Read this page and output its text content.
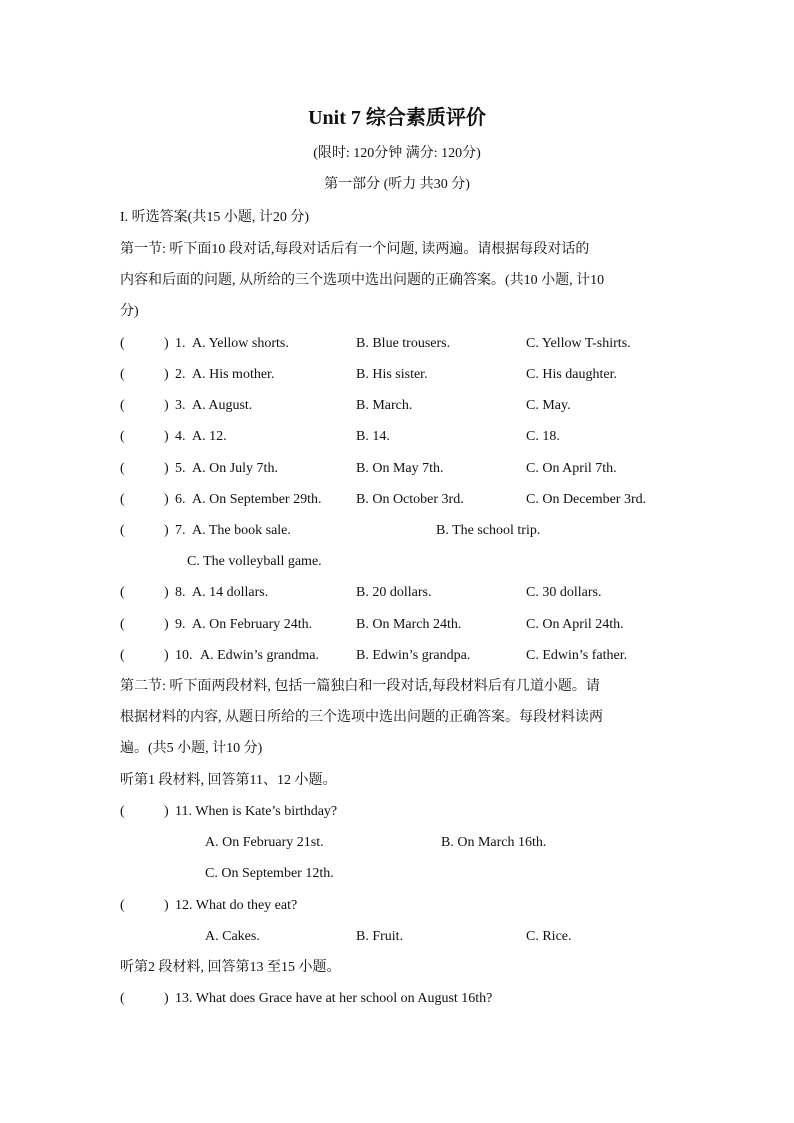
Unit 7 综合素质评价
(限时: 120分钟 满分: 120分)
第一部分 (听力 共30 分)
I. 听选答案(共15 小题, 计20 分)
第一节: 听下面10 段对话,每段对话后有一个问题, 读两遍。请根据每段对话的
内容和后面的问题, 从所给的三个选项中选出问题的正确答案。(共10 小题, 计10
分)
(	) 1. A. Yellow shorts.	B. Blue trousers.	C. Yellow T-shirts.
(	) 2. A. His mother.	B. His sister.	C. His daughter.
(	) 3. A. August.	B. March.	C. May.
(	) 4. A. 12.	B. 14.	C. 18.
(	) 5. A. On July 7th.	B. On May 7th.	C. On April 7th.
(	) 6. A. On September 29th. B. On October 3rd.	C. On December 3rd.
(	) 7. A. The book sale.	B. The school trip.
C. The volleyball game.
(	) 8. A. 14 dollars.	B. 20 dollars.	C. 30 dollars.
(	) 9. A. On February 24th.	B. On March 24th.	C. On April 24th.
(	) 10. A. Edwin’s grandma.	B. Edwin’s grandpa.	C. Edwin’s father.
第二节: 听下面两段材料, 包括一篇独白和一段对话,每段材料后有几道小题。请
根据材料的内容, 从题日所给的三个选项中选出问题的正确答案。每段材料读两
遍。(共5 小题, 计10 分)
听第1 段材料, 回答第11、12 小题。
(	) 11. When is Kate’s birthday?
A. On February 21st.	B. On March 16th.
C. On September 12th.
(	) 12. What do they eat?
A. Cakes.	B. Fruit.	C. Rice.
听第2 段材料, 回答第13 至15 小题。
(	) 13. What does Grace have at her school on August 16th?
